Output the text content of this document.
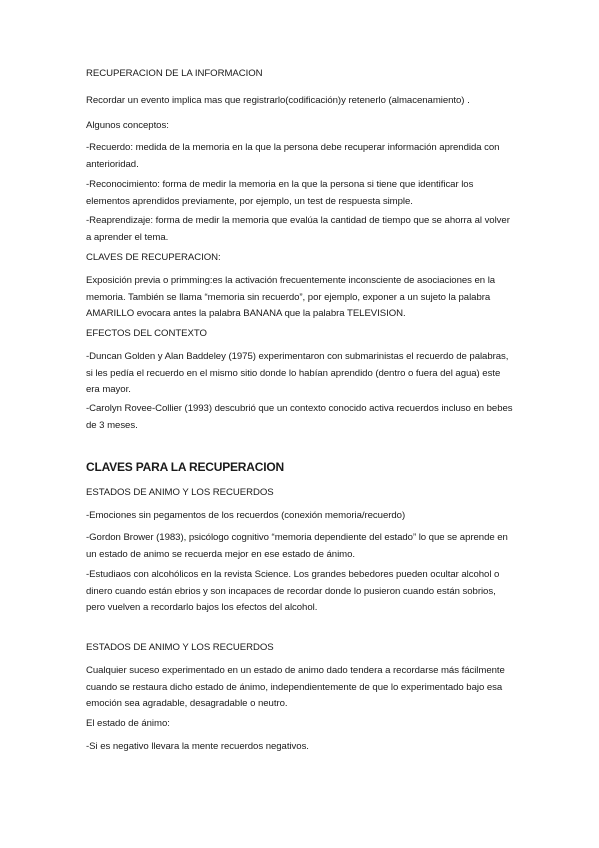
RECUPERACION DE LA INFORMACION

Recordar un evento implica mas que registrarlo(codificación)y retenerlo (almacenamiento) .

Algunos conceptos:

-Recuerdo: medida de la memoria en la que la persona debe recuperar información aprendida con anterioridad.

-Reconocimiento: forma de medir la memoria en la que la persona si tiene que identificar los elementos aprendidos previamente, por ejemplo, un test de respuesta simple.

-Reaprendizaje: forma de medir la memoria que evalúa la cantidad de tiempo que se ahorra al volver a aprender el tema.

CLAVES DE RECUPERACION:

Exposición previa o primming:es la activación frecuentemente inconsciente de asociaciones en la memoria. También se llama “memoria sin recuerdo”, por ejemplo, exponer a un sujeto la palabra AMARILLO evocara antes la palabra BANANA que la palabra TELEVISION.

EFECTOS DEL CONTEXTO

-Duncan Golden y Alan Baddeley (1975) experimentaron con submarinistas el recuerdo de palabras, si les pedía el recuerdo en el mismo sitio donde lo habían aprendido (dentro o fuera del agua) este era mayor.

-Carolyn Rovee-Collier (1993) descubrió que un contexto conocido activa recuerdos incluso en bebes de 3 meses.

CLAVES PARA LA RECUPERACION

ESTADOS DE ANIMO Y LOS RECUERDOS

-Emociones sin pegamentos de los recuerdos (conexión memoria/recuerdo)

-Gordon Brower (1983), psicólogo cognitivo “memoria dependiente del estado” lo que se aprende en un estado de animo se recuerda mejor en ese estado de ánimo.

-Estudiaos con alcohólicos en la revista Science. Los grandes bebedores pueden ocultar alcohol o dinero cuando están ebrios y son incapaces de recordar donde lo pusieron cuando están sobrios, pero vuelven a recordarlo bajos los efectos del alcohol.

ESTADOS DE ANIMO Y LOS RECUERDOS

Cualquier suceso experimentado en un estado de animo dado tendera a recordarse más fácilmente cuando se restaura dicho estado de ánimo, independientemente de que lo experimentado bajo esa emoción sea agradable, desagradable o neutro.

El estado de ánimo:

-Si es negativo llevara la mente recuerdos negativos.
